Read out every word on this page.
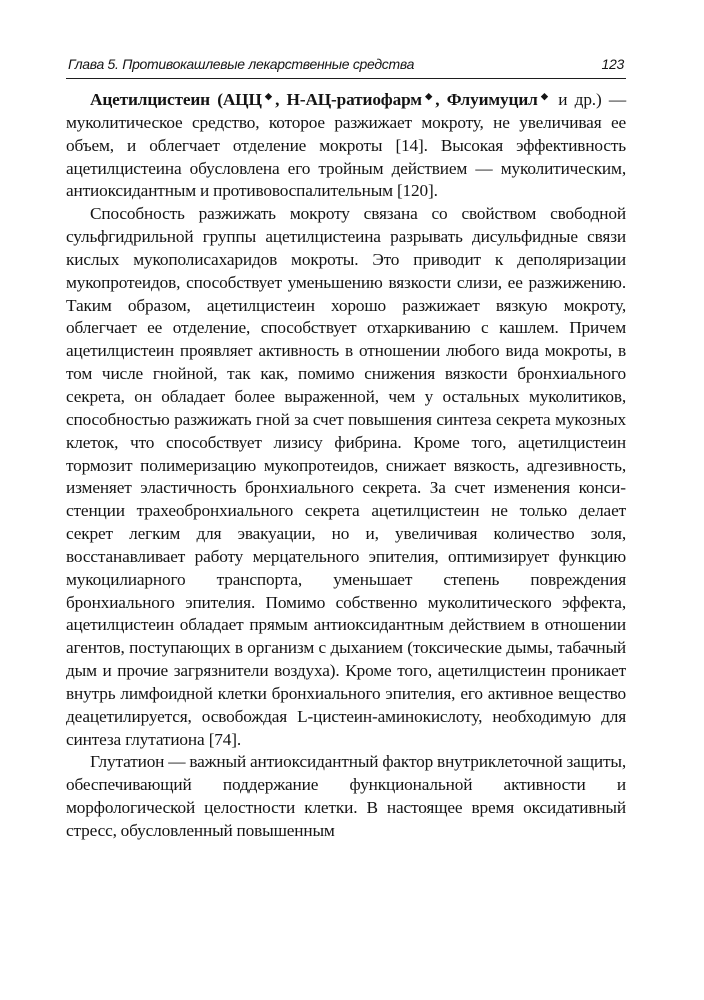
Глава 5. Противокашлевые лекарственные средства	123

Ацетилцистеин (АЦЦ◆, Н-АЦ-ратиофарм◆, Флуимуцил◆ и др.) — муколитическое средство, которое разжижает мокроту, не увеличивая ее объем, и облегчает отделение мокроты [14]. Высокая эффективность ацетилцистеина обусловлена его тройным действием — муколитическим, антиоксидантным и противовоспалительным [120].

Способность разжижать мокроту связана со свойством свободной сульфгидрильной группы ацетилцистеина разрывать дисульфидные связи кислых мукополисахаридов мокроты. Это приводит к деполяризации мукопротеидов, способствует уменьшению вязкости слизи, ее разжижению. Таким образом, ацетилцистеин хорошо разжижает вязкую мокроту, облегчает ее отделение, способствует отхаркиванию с кашлем. Причем ацетилцистеин проявляет активность в отношении любого вида мокроты, в том числе гнойной, так как, помимо снижения вязкости бронхиального секрета, он обладает более выраженной, чем у остальных муколитиков, способностью разжижать гной за счет повышения синтеза секрета мукозных клеток, что способствует лизису фибрина. Кроме того, ацетилцистеин тормозит полимеризацию мукопротеидов, снижает вязкость, адгезивность, изменяет эластичность бронхиального секрета. За счет изменения консистенции трахеобронхиального секрета ацетилцистеин не только делает секрет легким для эвакуации, но и, увеличивая количество золя, восстанавливает работу мерцательного эпителия, оптимизирует функцию мукоцилиарного транспорта, уменьшает степень повреждения бронхиального эпителия. Помимо собственно муколитического эффекта, ацетилцистеин обладает прямым антиоксидантным действием в отношении агентов, поступающих в организм с дыханием (токсические дымы, табачный дым и прочие загрязнители воздуха). Кроме того, ацетилцистеин проникает внутрь лимфоидной клетки бронхиального эпителия, его активное вещество деацетилируется, освобождая L-цистеин-аминокислоту, необходимую для синтеза глутатиона [74].

Глутатион — важный антиоксидантный фактор внутриклеточной защиты, обеспечивающий поддержание функциональной активности и морфологической целостности клетки. В настоящее время оксидативный стресс, обусловленный повышенным
